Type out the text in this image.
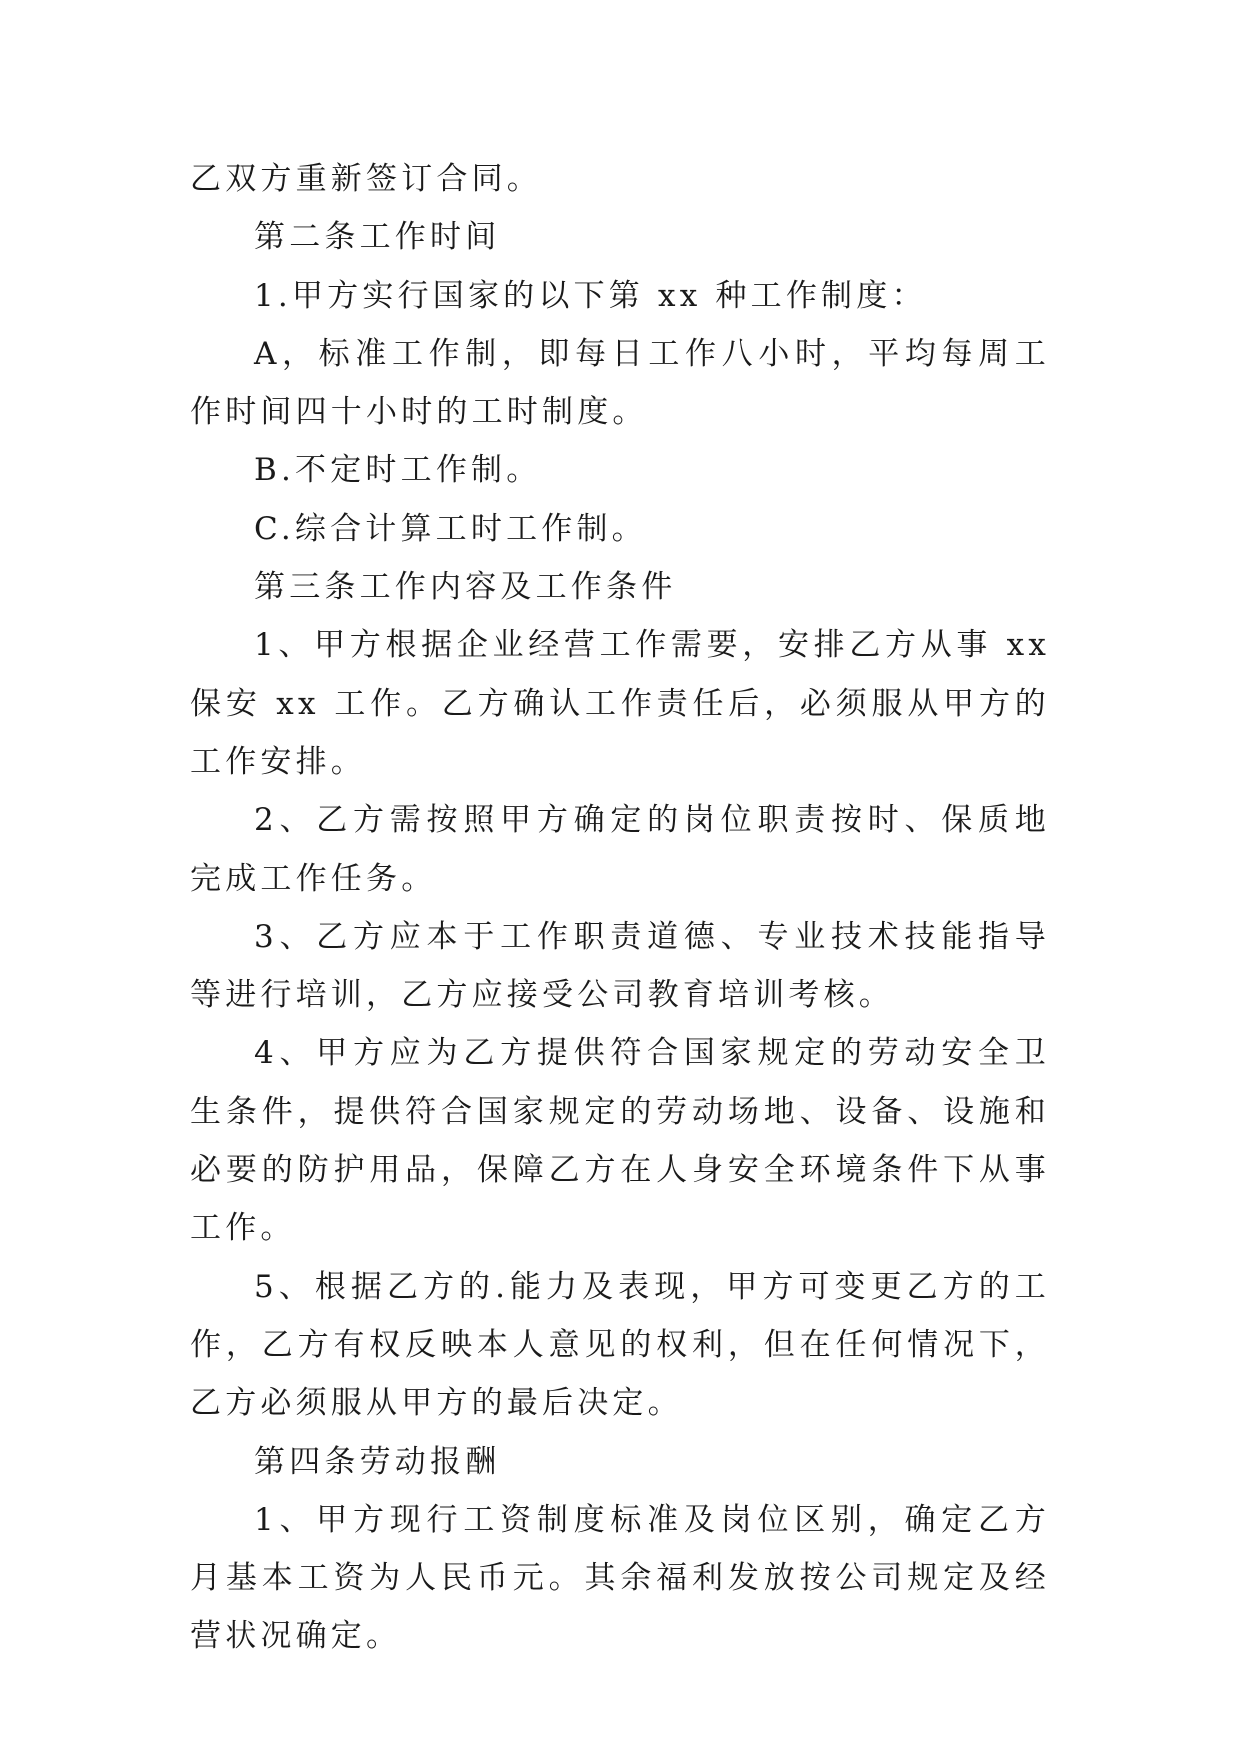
乙双方重新签订合同。

第二条工作时间

1.甲方实行国家的以下第 xx 种工作制度：

A，标准工作制，即每日工作八小时，平均每周工作时间四十小时的工时制度。

B.不定时工作制。

C.综合计算工时工作制。

第三条工作内容及工作条件

1、甲方根据企业经营工作需要，安排乙方从事 xx 保安 xx 工作。乙方确认工作责任后，必须服从甲方的工作安排。

2、乙方需按照甲方确定的岗位职责按时、保质地完成工作任务。

3、乙方应本于工作职责道德、专业技术技能指导等进行培训，乙方应接受公司教育培训考核。

4、甲方应为乙方提供符合国家规定的劳动安全卫生条件，提供符合国家规定的劳动场地、设备、设施和必要的防护用品，保障乙方在人身安全环境条件下从事工作。

5、根据乙方的.能力及表现，甲方可变更乙方的工作，乙方有权反映本人意见的权利，但在任何情况下，乙方必须服从甲方的最后决定。

第四条劳动报酬

1、甲方现行工资制度标准及岗位区别，确定乙方月基本工资为人民币元。其余福利发放按公司规定及经营状况确定。
